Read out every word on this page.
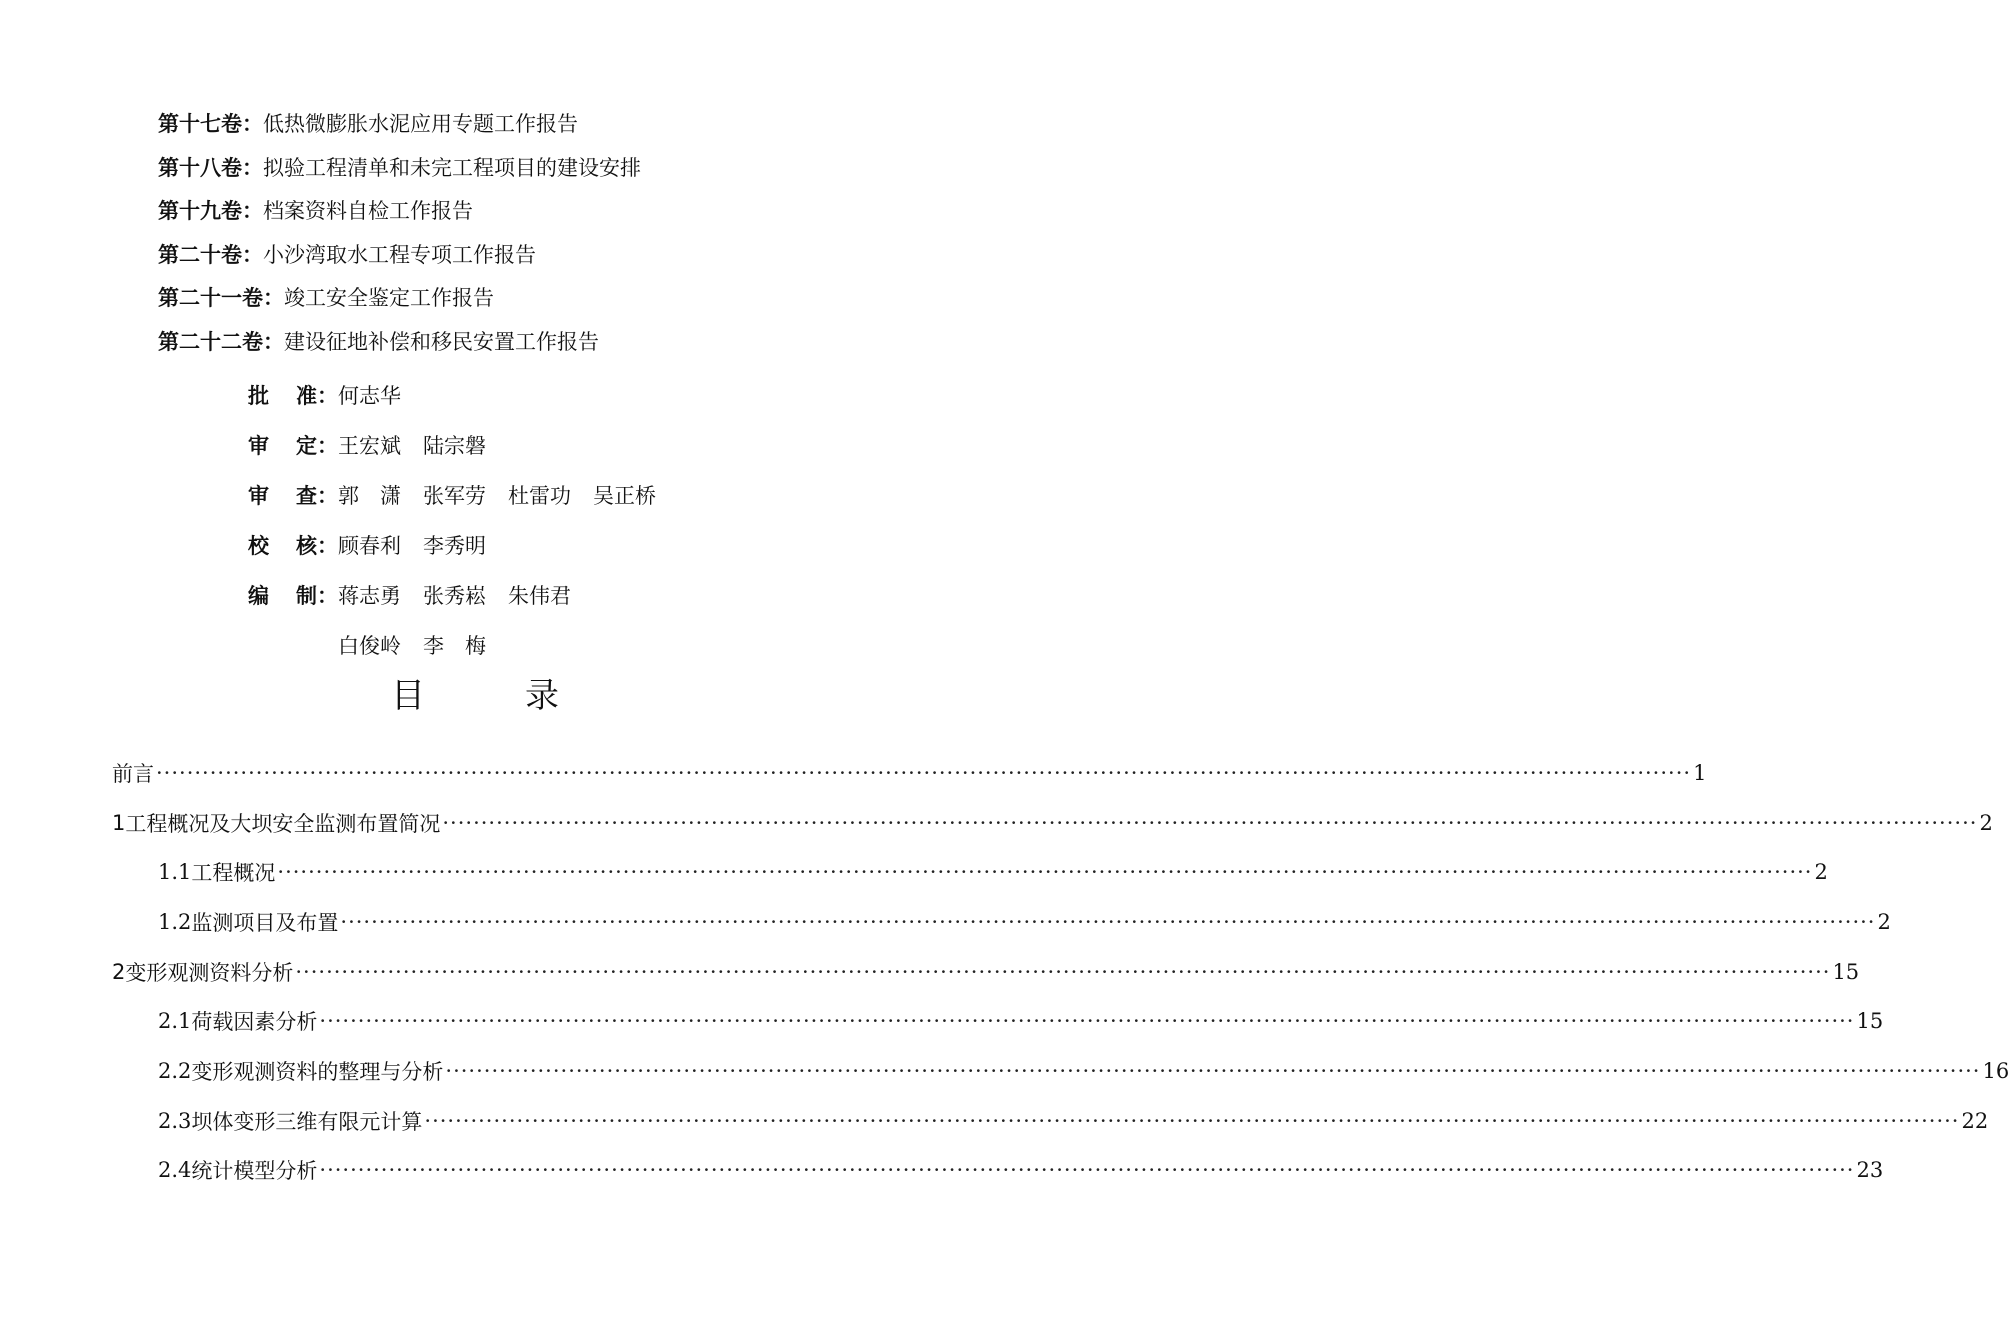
第十七卷：低热微膨胀水泥应用专题工作报告
第十八卷：拟验工程清单和未完工程项目的建设安排
第十九卷：档案资料自检工作报告
第二十卷：小沙湾取水工程专项工作报告
第二十一卷：竣工安全鉴定工作报告
第二十二卷：建设征地补偿和移民安置工作报告
批 准： 何志华
审 定： 王宏斌 陆宗磐
审 查： 郭　潇 张军劳 杜雷功 吴正桥
校 核： 顾春利 李秀明
编 制： 蒋志勇 张秀崧 朱伟君
白俊岭 李　梅
目录
前言 ········································································································································································································ 1
1 工程概况及大坝安全监测布置简况 ········································································································································································································ 2
1.1 工程概况 ········································································································································································································ 2
1.2 监测项目及布置 ········································································································································································································ 2
2 变形观测资料分析 ········································································································································································································ 15
2.1 荷载因素分析 ········································································································································································································ 15
2.2 变形观测资料的整理与分析 ········································································································································································································ 16
2.3 坝体变形三维有限元计算 ········································································································································································································ 22
2.4 统计模型分析 ········································································································································································································ 23
